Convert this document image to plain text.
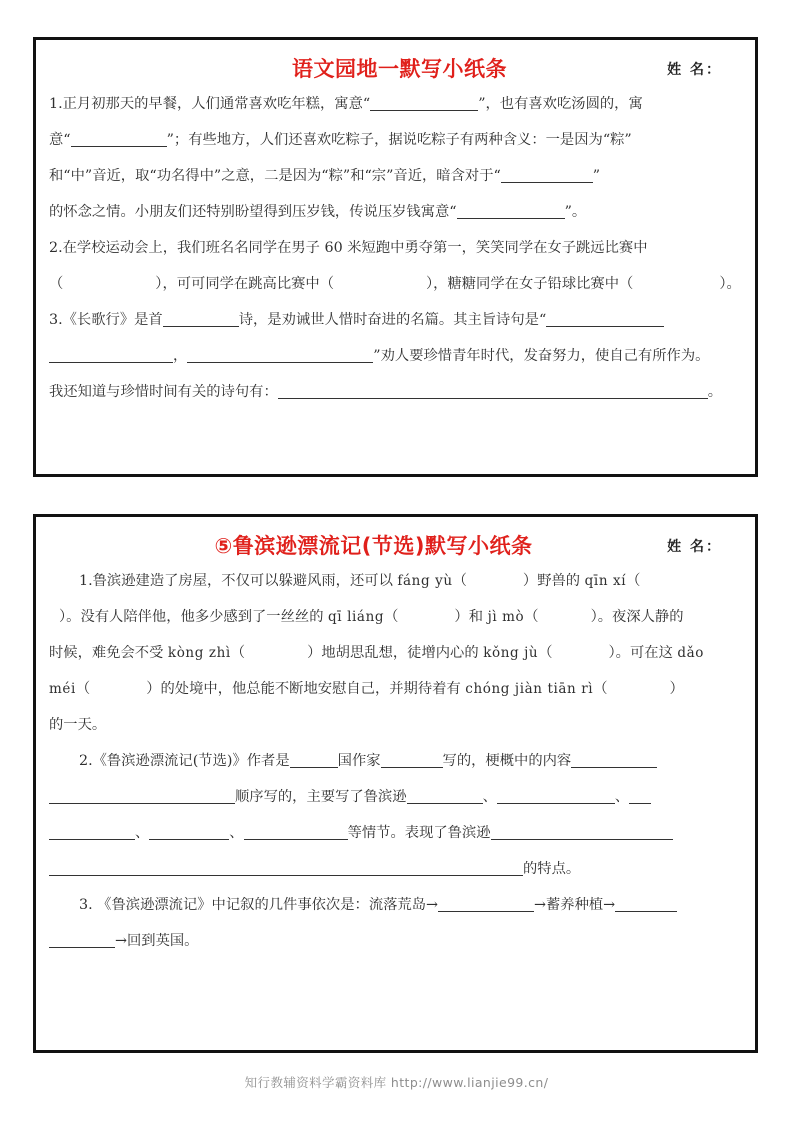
语文园地一默写小纸条	姓 名：
1.正月初那天的早餐，人们通常喜欢吃年糕，寓意“	”，也有喜欢吃汤圆的，寓
意“	”；有些地方，人们还喜欢吃粽子，据说吃粽子有两种含义：一是因为“粽”
和“中”音近，取“功名得中”之意，二是因为“粽”和“宗”音近，暗含对于“	”
的怀念之情。小朋友们还特别盼望得到压岁钱，传说压岁钱寓意“	”。
2.在学校运动会上，我们班名名同学在男子 60 米短跑中勇夺第一，笑笑同学在女子跳远比赛中
（	），可可同学在跳高比赛中（	），糖糖同学在女子铅球比赛中（	）。
3.《长歌行》是首	诗，是劝诫世人惜时奋进的名篇。其主旨诗句是“
，	”劝人要珍惜青年时代，发奋努力，使自己有所作为。
我还知道与珍惜时间有关的诗句有：	。
⑤鲁滨逊漂流记(节选)默写小纸条	姓 名：
1.鲁滨逊建造了房屋，不仅可以躲避风雨，还可以 fáng yù（	）野兽的 qīn xí（
）。没有人陪伴他，他多少感到了一丝丝的 qī liáng（	）和 jì mò（	）。夜深人静的
时候，难免会不受 kòng zhì（	）地胡思乱想，徒增内心的 kǒng jù（	）。可在这 dǎo
méi（	）的处境中，他总能不断地安慰自己，并期待着有 chóng jiàn tiān rì（	）
的一天。
2.《鲁滨逊漂流记(节选)》作者是	国作家	写的，梗概中的内容
顺序写的，主要写了鲁滨逊	、	、
、	、	等情节。表现了鲁滨逊
的特点。
3. 《鲁滨逊漂流记》中记叙的几件事依次是：流落荒岛→	→蓄养种植→
→回到英国。
知行教辅资料学霸资料库 http://www.lianjie99.cn/
